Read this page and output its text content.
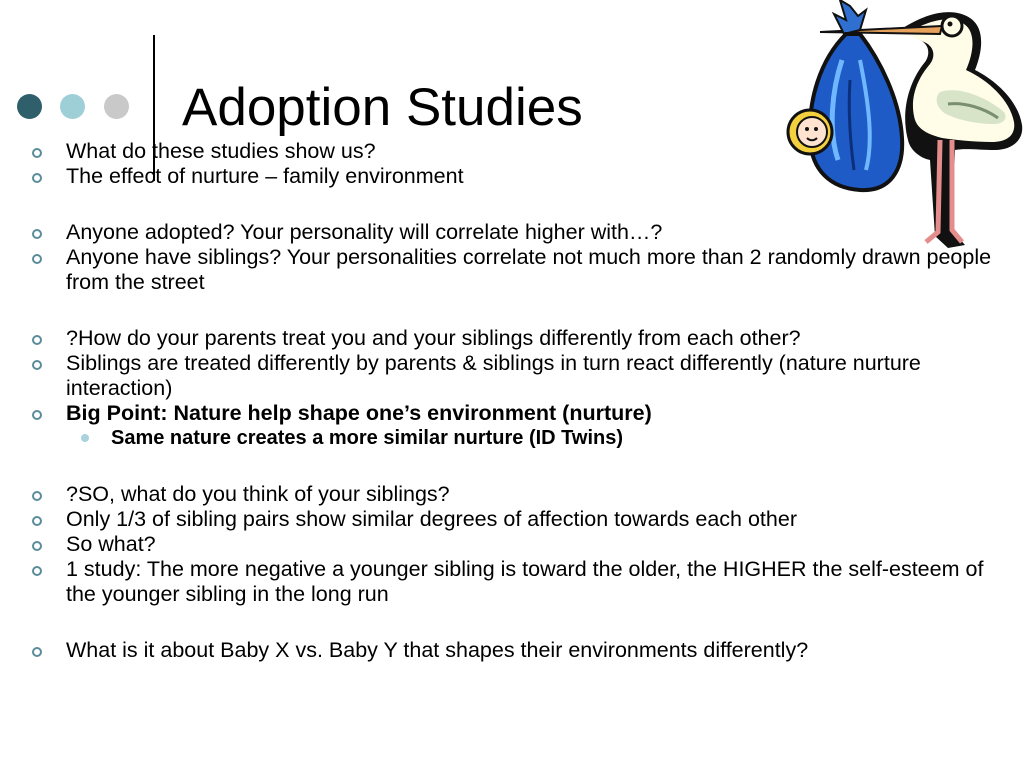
Adoption Studies
What do these studies show us?
The effect of nurture – family environment
Anyone adopted? Your personality will correlate higher with…?
Anyone have siblings? Your personalities correlate not much more than 2 randomly drawn people from the street
?How do your parents treat you and your siblings differently from each other?
Siblings are treated differently by parents & siblings in turn react differently (nature nurture interaction)
Big Point: Nature help shape one’s environment (nurture)
Same nature creates a more similar nurture (ID Twins)
?SO, what do you think of your siblings?
Only 1/3 of sibling pairs show similar degrees of affection towards each other
So what?
1 study: The more negative a younger sibling is toward the older, the HIGHER the self-esteem of the younger sibling in the long run
What is it about Baby X vs. Baby Y that shapes their environments differently?
